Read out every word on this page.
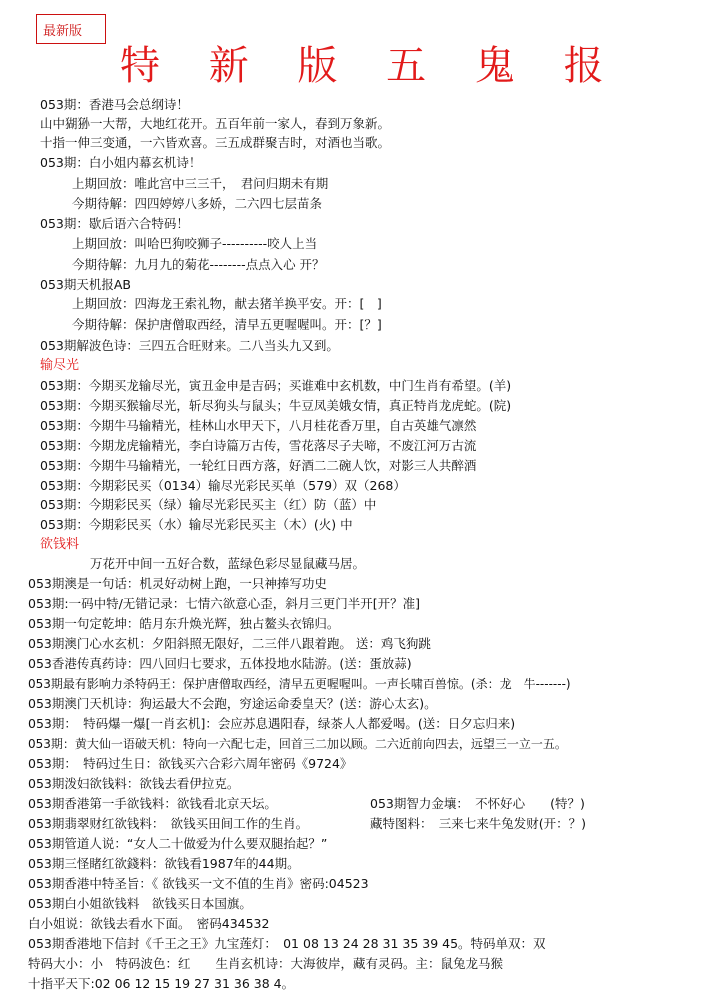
最新版
特 新 版 五 鬼 报
053期：香港马会总纲诗！
山中猢狲一大帮，大地红花开。五百年前一家人，春到万象新。
十指一伸三变通，一六皆欢喜。三五成群聚吉时，对酒也当歌。
053期：白小姐内幕玄机诗！
上期回放：唯此宫中三三千，　君问归期未有期
今期待解：四四婷婷八多娇，二六四七层苗条
053期：歇后语六合特码！
上期回放：叫哈巴狗咬狮子----------咬人上当
今期待解：九月九的菊花--------点点入心 开？
053期天机报AB
上期回放：四海龙王索礼物，献去猪羊换平安。开：[　]
今期待解：保护唐僧取西经，清早五更喔喔叫。开：[？]
053期解波色诗：三四五合旺财来。二八当头九又到。
输尽光
053期：今期买龙输尽光，寅丑金申是吉码；买谁难中玄机数，中门生肖有希望。(羊)
053期：今期买猴输尽光，斩尽狗头与鼠头；牛豆凤美娥女情，真正特肖龙虎蛇。(院)
053期：今期牛马输精光，桂林山水甲天下，八月桂花香万里，自古英雄气凛然
053期：今期龙虎输精光，李白诗篇万古传，雪花落尽子夫啼，不废江河万古流
053期：今期牛马输精光，一轮红日西方落，好酒二二碗人饮，对影三人共醉酒
053期：今期彩民买（0134）输尽光彩民买单（579）双（268）
053期：今期彩民买（绿）输尽光彩民买主（红）防（蓝）中
053期：今期彩民买（水）输尽光彩民买主（木）(火) 中
欲钱料
万花开中间一五好合数，蓝绿色彩尽显鼠藏马居。
053期澳是一句话：机灵好动树上跑，一只神捧写功史
053期:一码中特/无错记录：七情六欲意心歪，斜月三更门半开[开？准]
053期一句定乾坤：皓月东升焕光辉，独占鳌头衣锦归。
053期澳门心水玄机：夕阳斜照无限好，二三伴八跟着跑。 送：鸡飞狗跳
053香港传真药诗：四八回归七要求，五体投地水陆游。(送：蛋放蒜)
053期最有影响力杀特码王：保护唐僧取西经，清早五更喔喔叫。一声长啸百兽惊。(杀：龙　牛-------)
053期澳门天机诗：狗运最大不会跑，穷途运命委皇天？(送：游心太玄)。
053期：　特码爆一爆[一肖玄机]：会应苏息遇阳春，绿茶人人都爱喝。(送：日夕忘归来)
053期：黄大仙一语破天机：特向一六配七走，回首三二加以顾。二六近前向四去，远望三一立一五。
053期：　特码过生日：欲钱买六合彩六周年密码《9724》
053期泼妇欲钱料：欲钱去看伊拉克。
053期香港第一手欲钱料：欲钱看北京天坛。	053期智力金壤：　不怀好心　　(特？)
053期翡翠财红欲钱料：　欲钱买田间工作的生肖。	藏特图料：　三来七来牛兔发财(开：？)
053期管道人说：“女人二十做爱为什么要双腿抬起？”
053期三怪睹红欲錢料：欲钱看1987年的44期。
053期香港中特圣旨：《 欲钱买一文不值的生肖》密码:04523
053期白小姐欲钱料　欲钱买日本国旗。
白小姐说：欲钱去看水下面。　密码434532
053期香港地下信封《千王之王》九宝莲灯：　01 08 13 24 28 31 35 39 45。特码单双：双
特码大小：小　特码波色：红　　生肖玄机诗：大海彼岸，藏有灵码。主：鼠兔龙马猴
十指平天下:02 06 12 15 19 27 31 36 38 4。
